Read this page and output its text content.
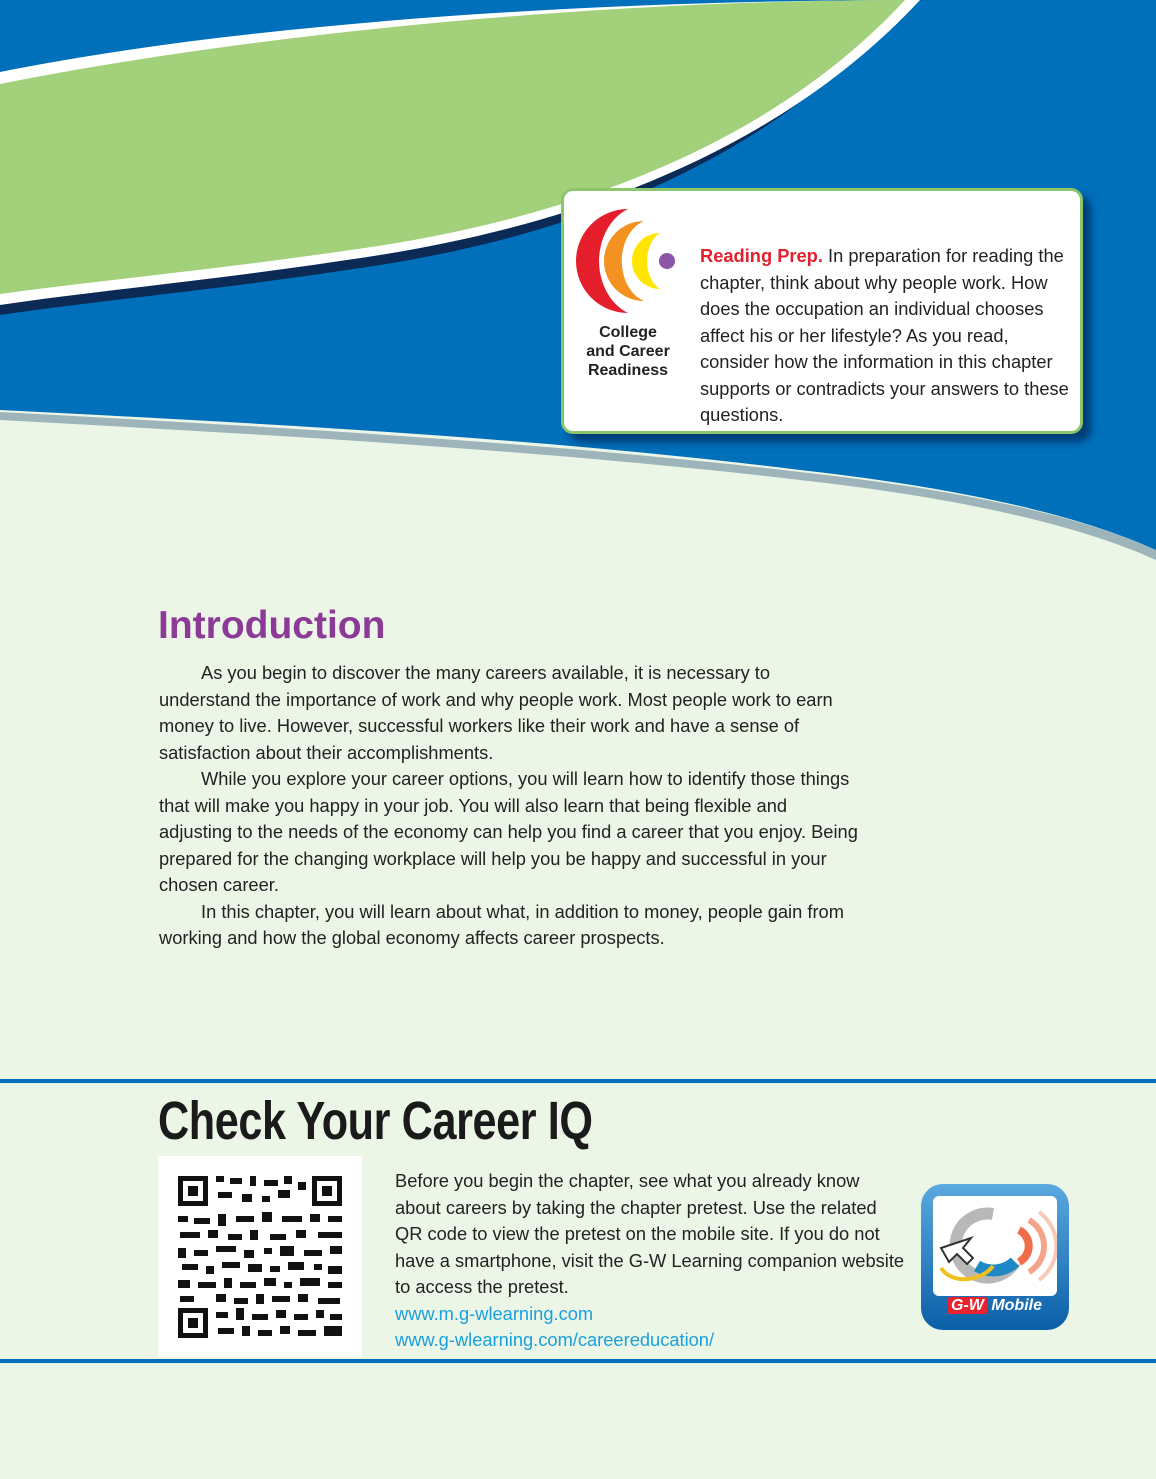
College
and Career
Readiness
Reading Prep. In preparation for reading the chapter, think about why people work. How does the occupation an individual chooses affect his or her lifestyle? As you read, consider how the information in this chapter supports or contradicts your answers to these questions.
Introduction

As you begin to discover the many careers available, it is necessary to understand the importance of work and why people work. Most people work to earn money to live. However, successful workers like their work and have a sense of satisfaction about their accomplishments.

While you explore your career options, you will learn how to identify those things that will make you happy in your job. You will also learn that being flexible and adjusting to the needs of the economy can help you find a career that you enjoy. Being prepared for the changing workplace will help you be happy and successful in your chosen career.

In this chapter, you will learn about what, in addition to money, people gain from working and how the global economy affects career prospects.

Check Your Career IQ
Before you begin the chapter, see what you already know about careers by taking the chapter pretest. Use the related QR code to view the pretest on the mobile site. If you do not have a smartphone, visit the G-W Learning companion website to access the pretest.
www.m.g-wlearning.com
www.g-wlearning.com/careereducation/
G-W Mobile
